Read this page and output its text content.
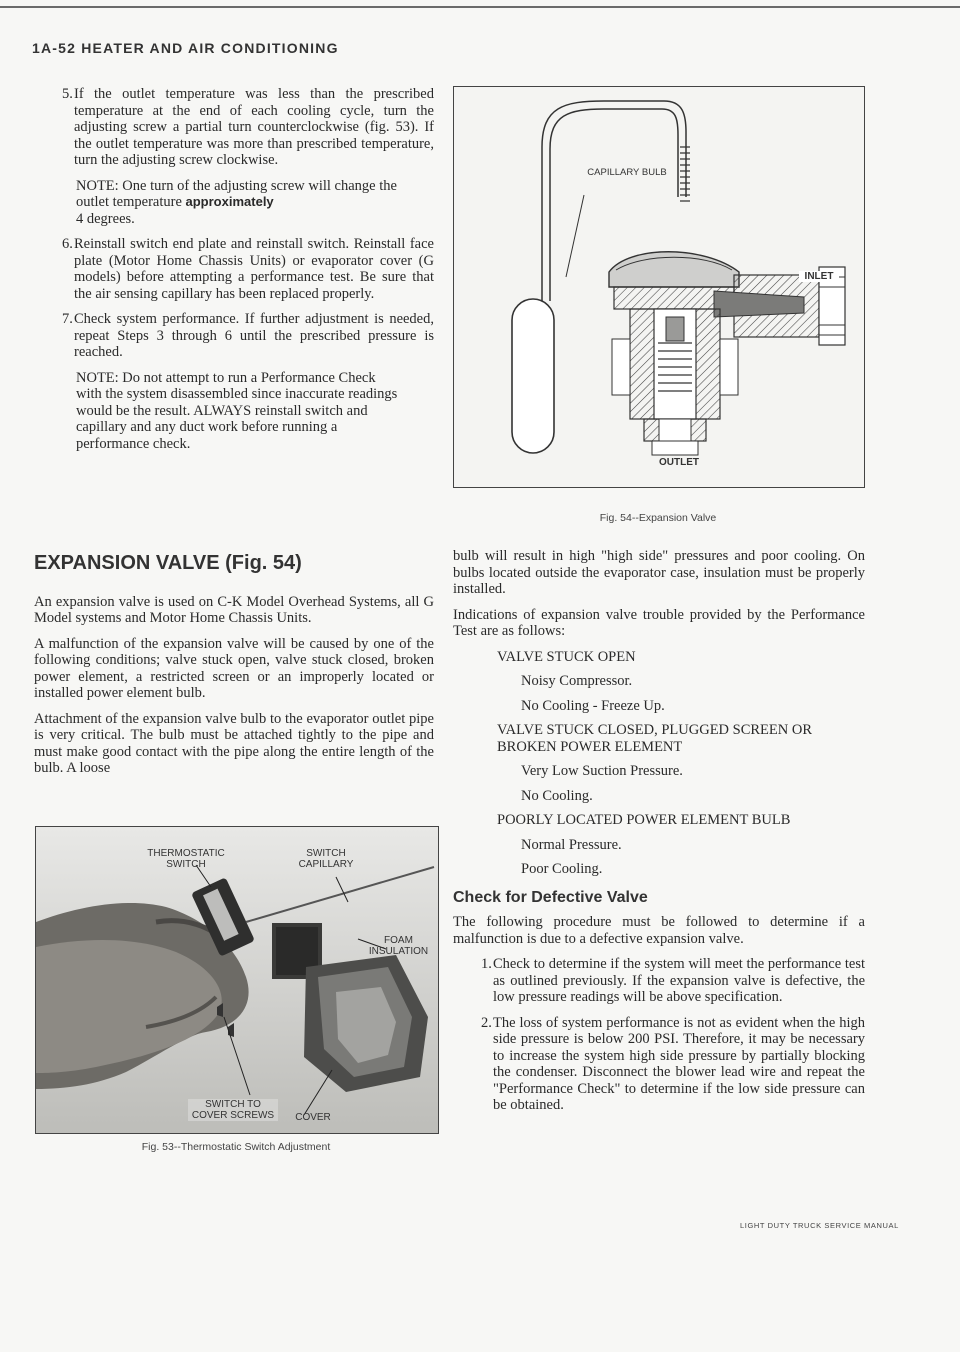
1A-52 HEATER AND AIR CONDITIONING
5. If the outlet temperature was less than the prescribed temperature at the end of each cooling cycle, turn the adjusting screw a partial turn counterclockwise (fig. 53). If the outlet temperature was more than prescribed temperature, turn the adjusting screw clockwise.
NOTE: One turn of the adjusting screw will change the outlet temperature approximately
4 degrees.
6. Reinstall switch end plate and reinstall switch. Reinstall face plate (Motor Home Chassis Units) or evaporator cover (G models) before attempting a performance test. Be sure that the air sensing capillary has been replaced properly.
7. Check system performance. If further adjustment is needed, repeat Steps 3 through 6 until the prescribed pressure is reached.
NOTE: Do not attempt to run a Performance Check with the system disassembled since inaccurate readings would be the result. ALWAYS reinstall switch and capillary and any duct work before running a performance check.
EXPANSION VALVE (Fig. 54)

An expansion valve is used on C-K Model Overhead Systems, all G Model systems and Motor Home Chassis Units.

A malfunction of the expansion valve will be caused by one of the following conditions; valve stuck open, valve stuck closed, broken power element, a restricted screen or an improperly located or installed power element bulb.

Attachment of the expansion valve bulb to the evaporator outlet pipe is very critical. The bulb must be attached tightly to the pipe and must make good contact with the pipe along the entire length of the bulb. A loose

THERMOSTATIC SWITCH
SWITCH CAPILLARY
FOAM INSULATION
SWITCH TO COVER SCREWS	COVER
Fig. 53--Thermostatic Switch Adjustment
CAPILLARY BULB
INLET
OUTLET
Fig. 54--Expansion Valve

bulb will result in high "high side" pressures and poor cooling. On bulbs located outside the evaporator case, insulation must be properly installed.

Indications of expansion valve trouble provided by the Performance Test are as follows:

VALVE STUCK OPEN
Noisy Compressor.
No Cooling - Freeze Up.
VALVE STUCK CLOSED, PLUGGED SCREEN OR BROKEN POWER ELEMENT
Very Low Suction Pressure.
No Cooling.
POORLY LOCATED POWER ELEMENT BULB
Normal Pressure.
Poor Cooling.
Check for Defective Valve

The following procedure must be followed to determine if a malfunction is due to a defective expansion valve.

1. Check to determine if the system will meet the performance test as outlined previously. If the expansion valve is defective, the low pressure readings will be above specification.
2. The loss of system performance is not as evident when the high side pressure is below 200 PSI. Therefore, it may be necessary to increase the system high side pressure by partially blocking the condenser. Disconnect the blower lead wire and repeat the "Performance Check" to determine if the low side pressure can be obtained.
LIGHT DUTY TRUCK SERVICE MANUAL
